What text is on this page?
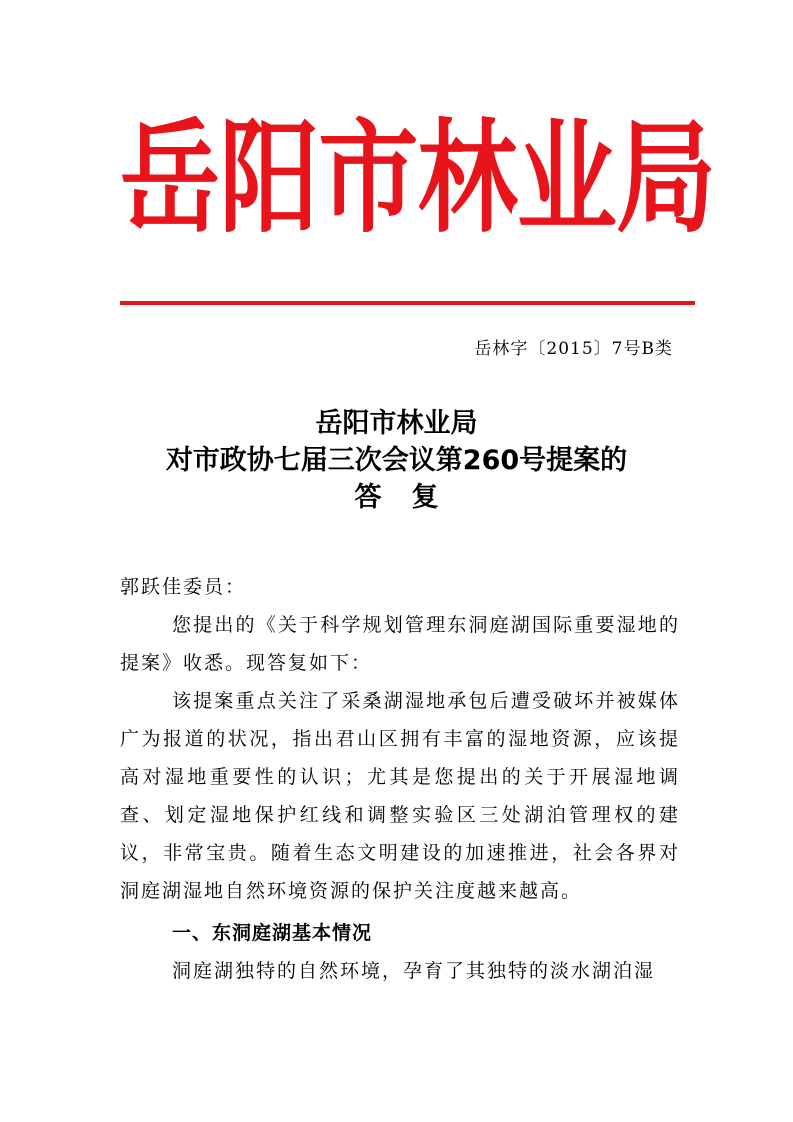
岳 阳 市 林 业 局
岳林字〔2015〕7号B类
岳阳市林业局
对市政协七届三次会议第260号提案的
答复

郭跃佳委员：

您提出的《关于科学规划管理东洞庭湖国际重要湿地的提案》收悉。现答复如下：

该提案重点关注了采桑湖湿地承包后遭受破坏并被媒体广为报道的状况，指出君山区拥有丰富的湿地资源，应该提高对湿地重要性的认识；尤其是您提出的关于开展湿地调查、划定湿地保护红线和调整实验区三处湖泊管理权的建议，非常宝贵。随着生态文明建设的加速推进，社会各界对洞庭湖湿地自然环境资源的保护关注度越来越高。

一、东洞庭湖基本情况

洞庭湖独特的自然环境，孕育了其独特的淡水湖泊湿
